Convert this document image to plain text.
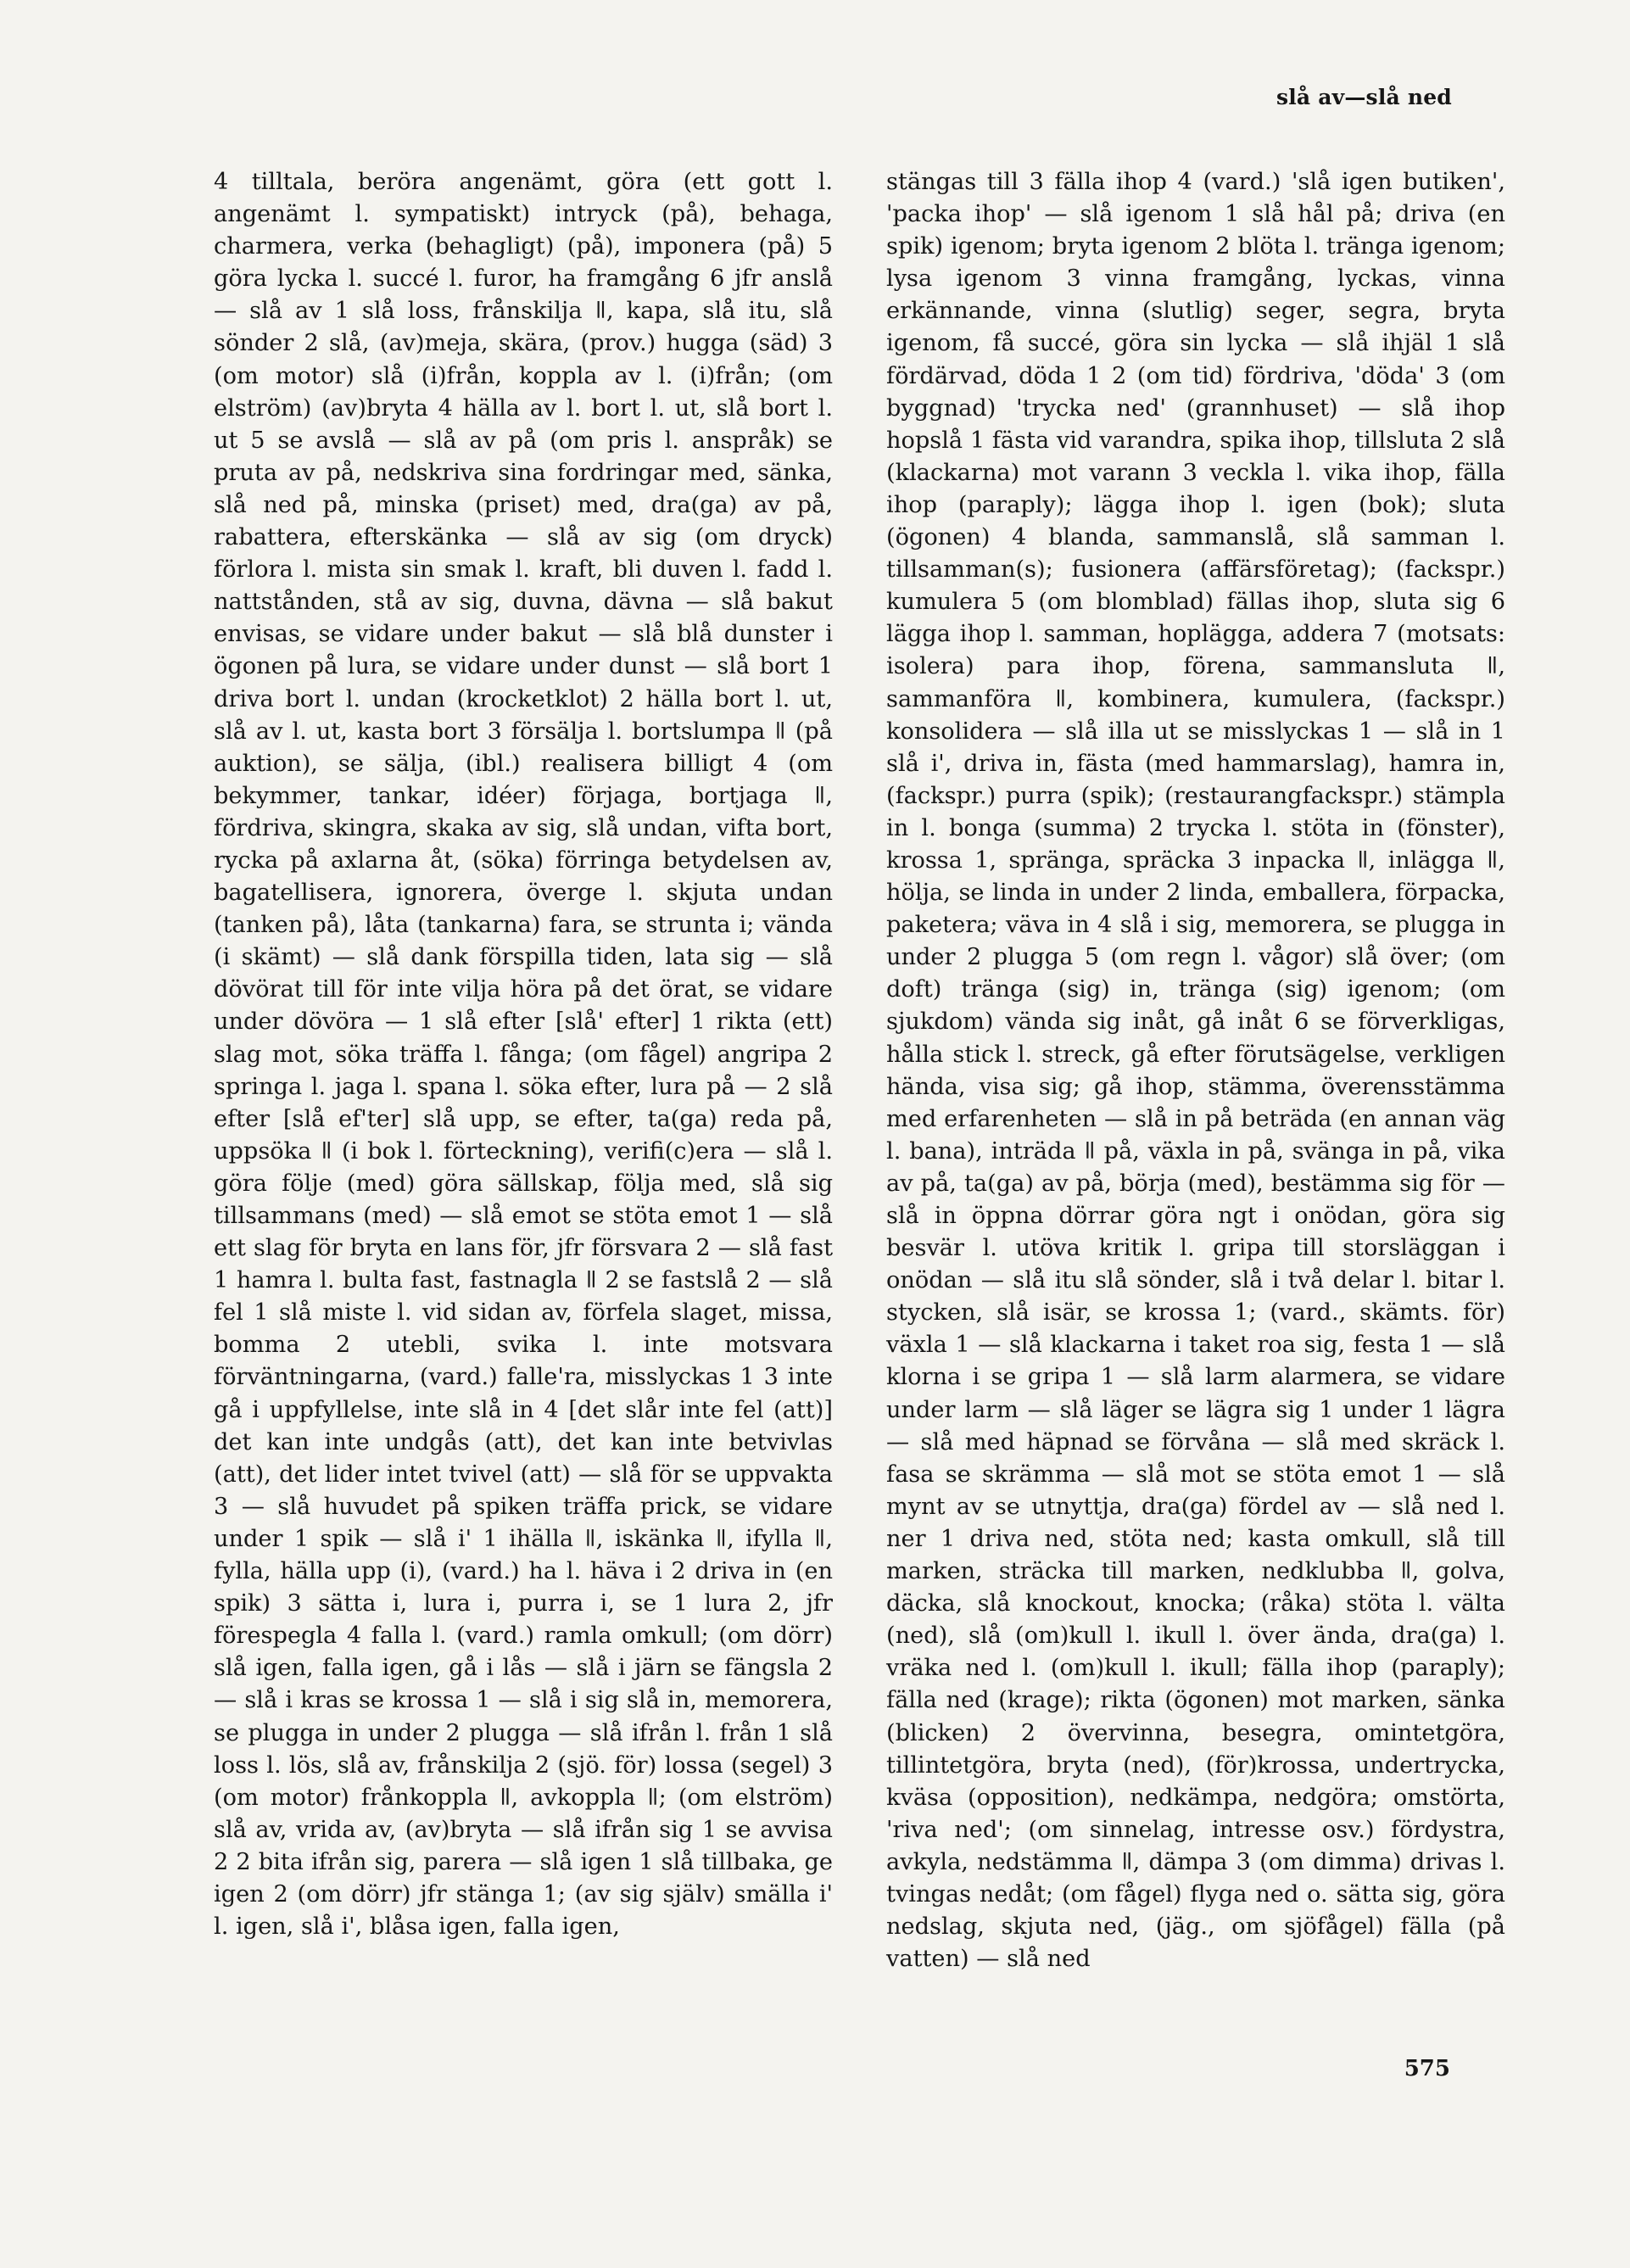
slå av—slå ned

4 tilltala, beröra angenämt, göra (ett gott l. angenämt l. sympatiskt) intryck (på), behaga, charmera, verka (behagligt) (på), imponera (på) 5 göra lycka l. succé l. furor, ha framgång 6 jfr anslå — slå av 1 slå loss, frånskilja ǁ, kapa, slå itu, slå sönder 2 slå, (av)meja, skära, (prov.) hugga (säd) 3 (om motor) slå (i)från, koppla av l. (i)från; (om elström) (av)bryta 4 hälla av l. bort l. ut, slå bort l. ut 5 se avslå — slå av på (om pris l. anspråk) se pruta av på, nedskriva sina fordringar med, sänka, slå ned på, minska (priset) med, dra(ga) av på, rabattera, efterskänka — slå av sig (om dryck) förlora l. mista sin smak l. kraft, bli duven l. fadd l. nattstånden, stå av sig, duvna, dävna — slå bakut envisas, se vidare under bakut — slå blå dunster i ögonen på lura, se vidare under dunst — slå bort 1 driva bort l. undan (krocketklot) 2 hälla bort l. ut, slå av l. ut, kasta bort 3 försälja l. bortslumpa ǁ (på auktion), se sälja, (ibl.) realisera billigt 4 (om bekymmer, tankar, idéer) förjaga, bortjaga ǁ, fördriva, skingra, skaka av sig, slå undan, vifta bort, rycka på axlarna åt, (söka) förringa betydelsen av, bagatellisera, ignorera, överge l. skjuta undan (tanken på), låta (tankarna) fara, se strunta i; vända (i skämt) — slå dank förspilla tiden, lata sig — slå dövörat till för inte vilja höra på det örat, se vidare under dövöra — 1 slå efter [slå' efter] 1 rikta (ett) slag mot, söka träffa l. fånga; (om fågel) angripa 2 springa l. jaga l. spana l. söka efter, lura på — 2 slå efter [slå ef'ter] slå upp, se efter, ta(ga) reda på, uppsöka ǁ (i bok l. förteckning), verifi(c)era — slå l. göra följe (med) göra sällskap, följa med, slå sig tillsammans (med) — slå emot se stöta emot 1 — slå ett slag för bryta en lans för, jfr försvara 2 — slå fast 1 hamra l. bulta fast, fastnagla ǁ 2 se fastslå 2 — slå fel 1 slå miste l. vid sidan av, förfela slaget, missa, bomma 2 utebli, svika l. inte motsvara förväntningarna, (vard.) falle'ra, misslyckas 1 3 inte gå i uppfyllelse, inte slå in 4 [det slår inte fel (att)] det kan inte undgås (att), det kan inte betvivlas (att), det lider intet tvivel (att) — slå för se uppvakta 3 — slå huvudet på spiken träffa prick, se vidare under 1 spik — slå i' 1 ihälla ǁ, iskänka ǁ, ifylla ǁ, fylla, hälla upp (i), (vard.) ha l. häva i 2 driva in (en spik) 3 sätta i, lura i, purra i, se 1 lura 2, jfr förespegla 4 falla l. (vard.) ramla omkull; (om dörr) slå igen, falla igen, gå i lås — slå i järn se fängsla 2 — slå i kras se krossa 1 — slå i sig slå in, memorera, se plugga in under 2 plugga — slå ifrån l. från 1 slå loss l. lös, slå av, frånskilja 2 (sjö. för) lossa (segel) 3 (om motor) frånkoppla ǁ, avkoppla ǁ; (om elström) slå av, vrida av, (av)bryta — slå ifrån sig 1 se avvisa 2 2 bita ifrån sig, parera — slå igen 1 slå tillbaka, ge igen 2 (om dörr) jfr stänga 1; (av sig själv) smälla i' l. igen, slå i', blåsa igen, falla igen,

stängas till 3 fälla ihop 4 (vard.) 'slå igen butiken', 'packa ihop' — slå igenom 1 slå hål på; driva (en spik) igenom; bryta igenom 2 blöta l. tränga igenom; lysa igenom 3 vinna framgång, lyckas, vinna erkännande, vinna (slutlig) seger, segra, bryta igenom, få succé, göra sin lycka — slå ihjäl 1 slå fördärvad, döda 1 2 (om tid) fördriva, 'döda' 3 (om byggnad) 'trycka ned' (grannhuset) — slå ihop hopslå 1 fästa vid varandra, spika ihop, tillsluta 2 slå (klackarna) mot varann 3 veckla l. vika ihop, fälla ihop (paraply); lägga ihop l. igen (bok); sluta (ögonen) 4 blanda, sammanslå, slå samman l. tillsamman(s); fusionera (affärsföretag); (fackspr.) kumulera 5 (om blomblad) fällas ihop, sluta sig 6 lägga ihop l. samman, hoplägga, addera 7 (motsats: isolera) para ihop, förena, sammansluta ǁ, sammanföra ǁ, kombinera, kumulera, (fackspr.) konsolidera — slå illa ut se misslyckas 1 — slå in 1 slå i', driva in, fästa (med hammarslag), hamra in, (fackspr.) purra (spik); (restaurangfackspr.) stämpla in l. bonga (summa) 2 trycka l. stöta in (fönster), krossa 1, spränga, spräcka 3 inpacka ǁ, inlägga ǁ, hölja, se linda in under 2 linda, emballera, förpacka, paketera; väva in 4 slå i sig, memorera, se plugga in under 2 plugga 5 (om regn l. vågor) slå över; (om doft) tränga (sig) in, tränga (sig) igenom; (om sjukdom) vända sig inåt, gå inåt 6 se förverkligas, hålla stick l. streck, gå efter förutsägelse, verkligen hända, visa sig; gå ihop, stämma, överensstämma med erfarenheten — slå in på beträda (en annan väg l. bana), inträda ǁ på, växla in på, svänga in på, vika av på, ta(ga) av på, börja (med), bestämma sig för — slå in öppna dörrar göra ngt i onödan, göra sig besvär l. utöva kritik l. gripa till storsläggan i onödan — slå itu slå sönder, slå i två delar l. bitar l. stycken, slå isär, se krossa 1; (vard., skämts. för) växla 1 — slå klackarna i taket roa sig, festa 1 — slå klorna i se gripa 1 — slå larm alarmera, se vidare under larm — slå läger se lägra sig 1 under 1 lägra — slå med häpnad se förvåna — slå med skräck l. fasa se skrämma — slå mot se stöta emot 1 — slå mynt av se utnyttja, dra(ga) fördel av — slå ned l. ner 1 driva ned, stöta ned; kasta omkull, slå till marken, sträcka till marken, nedklubba ǁ, golva, däcka, slå knockout, knocka; (råka) stöta l. välta (ned), slå (om)kull l. ikull l. över ända, dra(ga) l. vräka ned l. (om)kull l. ikull; fälla ihop (paraply); fälla ned (krage); rikta (ögonen) mot marken, sänka (blicken) 2 övervinna, besegra, omintetgöra, tillintetgöra, bryta (ned), (för)krossa, undertrycka, kväsa (opposition), nedkämpa, nedgöra; omstörta, 'riva ned'; (om sinnelag, intresse osv.) fördystra, avkyla, nedstämma ǁ, dämpa 3 (om dimma) drivas l. tvingas nedåt; (om fågel) flyga ned o. sätta sig, göra nedslag, skjuta ned, (jäg., om sjöfågel) fälla (på vatten) — slå ned

575
